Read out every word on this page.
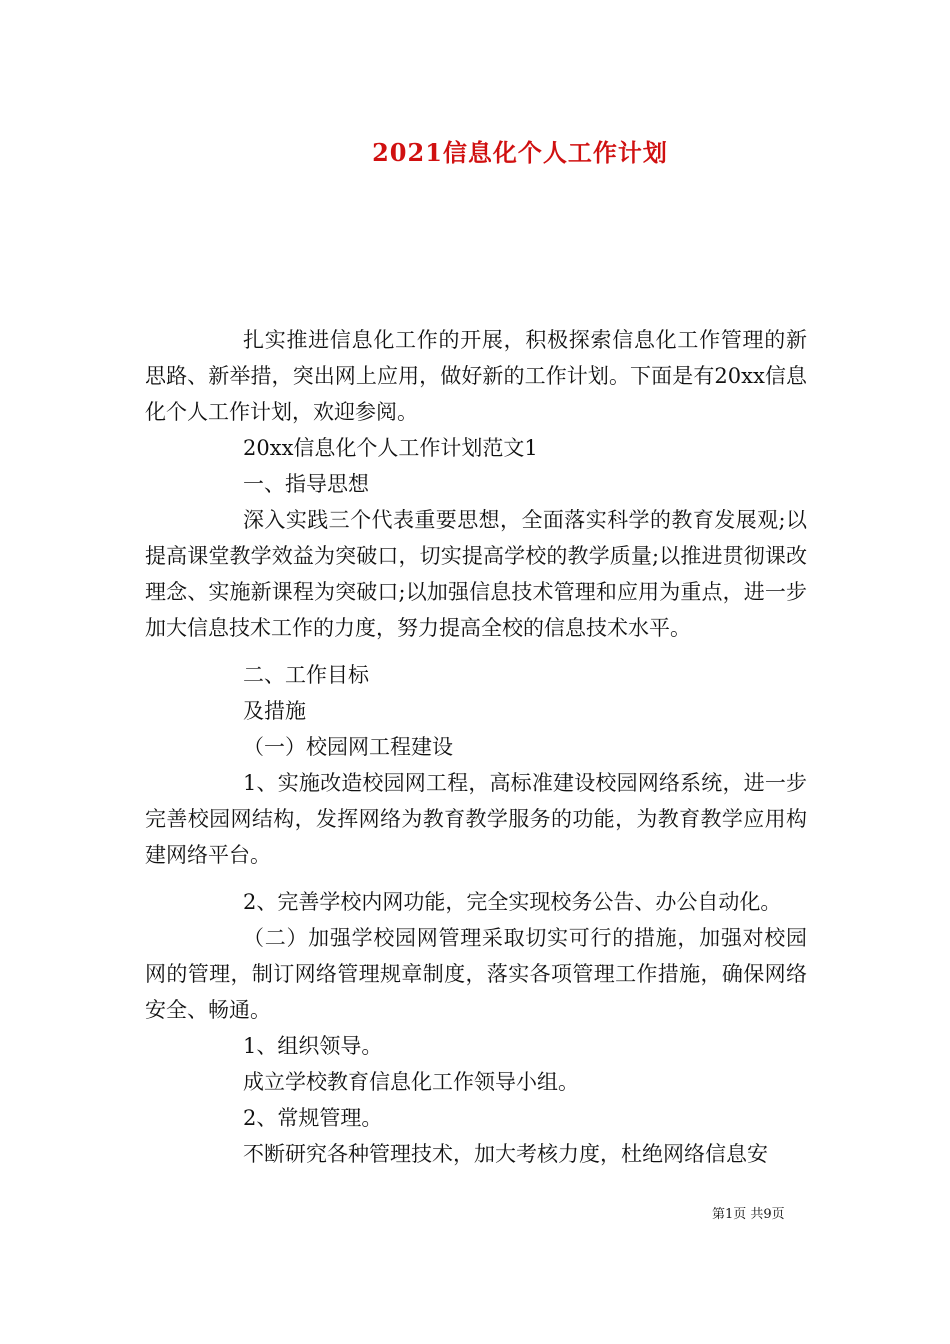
2021信息化个人工作计划

扎实推进信息化工作的开展，积极探索信息化工作管理的新思路、新举措，突出网上应用，做好新的工作计划。下面是有20xx信息化个人工作计划，欢迎参阅。

20xx信息化个人工作计划范文1

一、指导思想

深入实践三个代表重要思想，全面落实科学的教育发展观;以提高课堂教学效益为突破口，切实提高学校的教学质量;以推进贯彻课改理念、实施新课程为突破口;以加强信息技术管理和应用为重点，进一步加大信息技术工作的力度，努力提高全校的信息技术水平。

二、工作目标

及措施

（一）校园网工程建设

1、实施改造校园网工程，高标准建设校园网络系统，进一步完善校园网结构，发挥网络为教育教学服务的功能，为教育教学应用构建网络平台。

2、完善学校内网功能，完全实现校务公告、办公自动化。

（二）加强学校园网管理采取切实可行的措施，加强对校园网的管理，制订网络管理规章制度，落实各项管理工作措施，确保网络安全、畅通。

1、组织领导。

成立学校教育信息化工作领导小组。

2、常规管理。

不断研究各种管理技术，加大考核力度，杜绝网络信息安

第1页 共9页
